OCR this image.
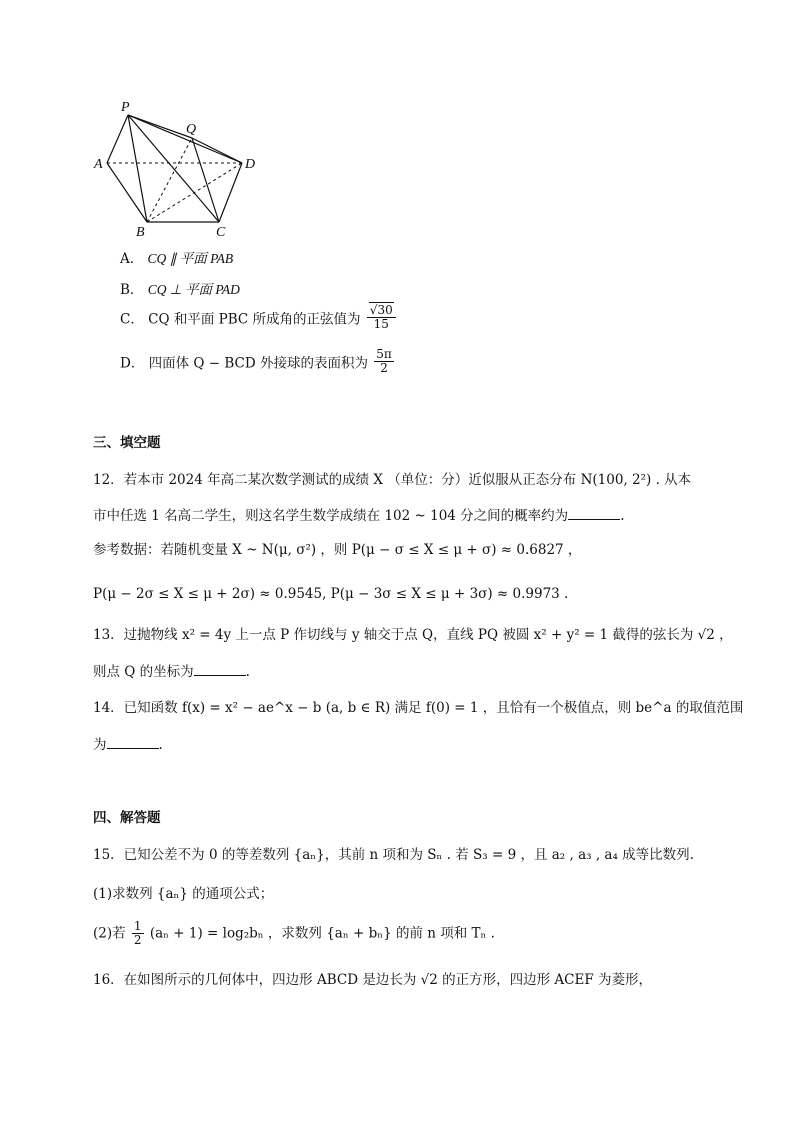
P
Q
A	D
B	C
A． CQ ∥ 平面 PAB
B． CQ ⊥ 平面 PAD
C． CQ 和平面 PBC 所成角的正弦值为 $\frac{√30}{15}$
D． 四面体 Q − BCD 外接球的表面积为 $\frac{5\pi}{2}$
三、填空题
12．若本市 2024 年高二某次数学测试的成绩 X （单位：分）近似服从正态分布 N(100, 2²) . 从本
市中任选 1 名高二学生，则这名学生数学成绩在 102 ~ 104 分之间的概率约为	.
参考数据：若随机变量 X ~ N(μ, σ²) ，则 P(μ − σ ≤ X ≤ μ + σ) ≈ 0.6827 ，
P(μ − 2σ ≤ X ≤ μ + 2σ) ≈ 0.9545, P(μ − 3σ ≤ X ≤ μ + 3σ) ≈ 0.9973 .
13．过抛物线 x² = 4y 上一点 P 作切线与 y 轴交于点 Q，直线 PQ 被圆 x² + y² = 1 截得的弦长为 √2 ，
则点 Q 的坐标为	.
14．已知函数 f(x) = x² − ae^x − b (a, b ∈ R) 满足 f(0) = 1 ，且恰有一个极值点，则 be^a 的取值范围
为	.
四、解答题
15．已知公差不为 0 的等差数列 {aₙ}，其前 n 项和为 Sₙ . 若 S₃ = 9 ，且 a₂ , a₃ , a₄ 成等比数列.
(1)求数列 {aₙ} 的通项公式；
(2)若 $\frac{1}{2} (a_n + 1) = \log_2b_n$ ，求数列 {aₙ + bₙ} 的前 n 项和 Tₙ .
16．在如图所示的几何体中，四边形 ABCD 是边长为 √2 的正方形，四边形 ACEF 为菱形，
